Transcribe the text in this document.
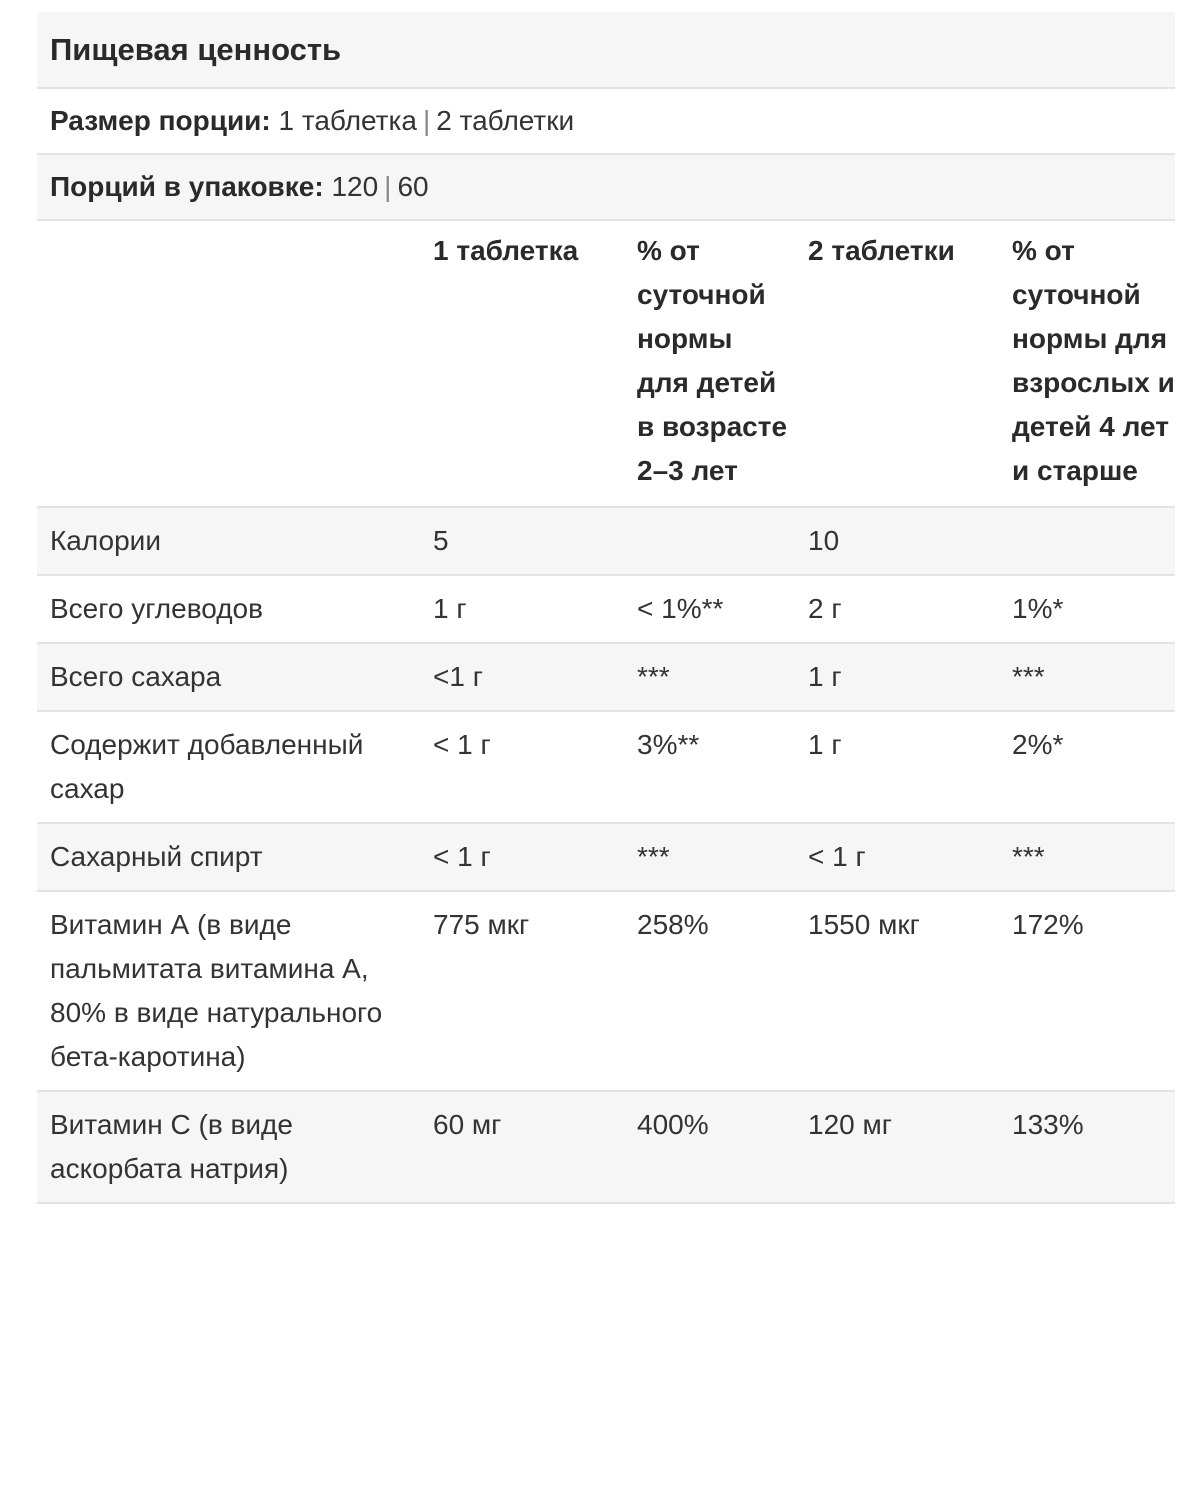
Пищевая ценность
Размер порции:
1 таблетка | 2 таблетки
Порций в упаковке:
120 | 60
	1 таблетка	% от суточной нормы для детей в возрасте 2–3 лет	2 таблетки	% от суточной нормы для взрослых и детей 4 лет и старше
Калории	5		10	
Всего углеводов	1 г	< 1%**	2 г	1%*
Всего сахара	<1 г	***	1 г	***
Содержит добавленный сахар	< 1 г	3%**	1 г	2%*
Сахарный спирт	< 1 г	***	< 1 г	***
Витамин А (в виде пальмитата витамина А, 80% в виде натурального бета-каротина)	775 мкг	258%	1550 мкг	172%
Витамин С (в виде аскорбата натрия)	60 мг	400%	120 мг	133%
